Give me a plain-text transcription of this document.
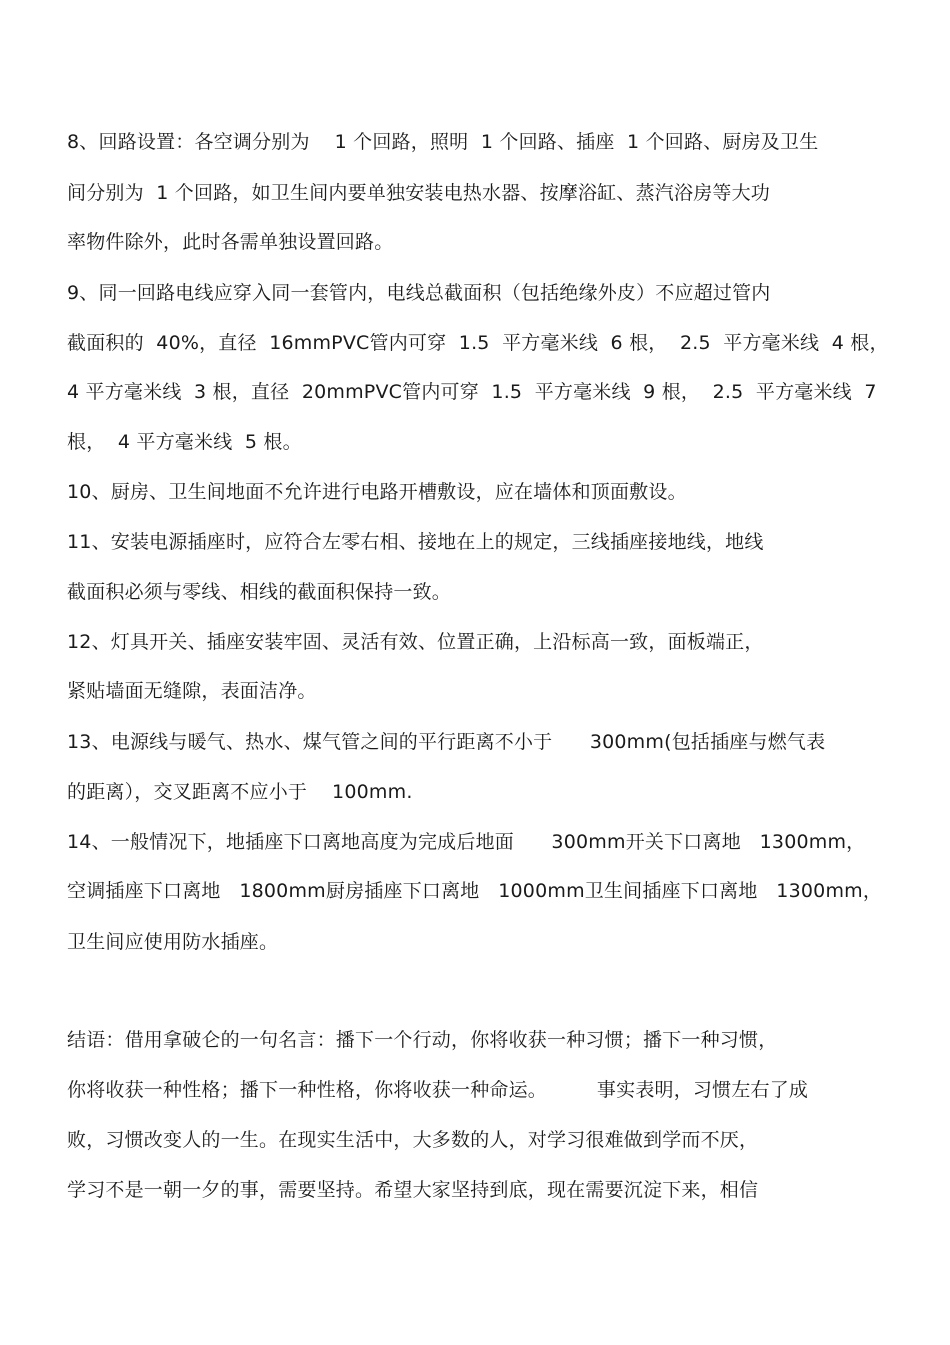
8、回路设置：各空调分别为    1 个回路，照明  1 个回路、插座  1 个回路、厨房及卫生
间分别为  1 个回路，如卫生间内要单独安装电热水器、按摩浴缸、蒸汽浴房等大功
率物件除外，此时各需单独设置回路。
9、同一回路电线应穿入同一套管内，电线总截面积（包括绝缘外皮）不应超过管内
截面积的  40%，直径  16mmPVC管内可穿  1.5  平方毫米线  6 根，  2.5  平方毫米线  4 根，
4 平方毫米线  3 根，直径  20mmPVC管内可穿  1.5  平方毫米线  9 根，  2.5  平方毫米线  7
根，  4 平方毫米线  5 根。
10、厨房、卫生间地面不允许进行电路开槽敷设，应在墙体和顶面敷设。
11、安装电源插座时，应符合左零右相、接地在上的规定，三线插座接地线，地线
截面积必须与零线、相线的截面积保持一致。
12、灯具开关、插座安装牢固、灵活有效、位置正确，上沿标高一致，面板端正，
紧贴墙面无缝隙，表面洁净。
13、电源线与暖气、热水、煤气管之间的平行距离不小于      300mm(包括插座与燃气表
的距离），交叉距离不应小于    100mm.
14、一般情况下，地插座下口离地高度为完成后地面      300mm开关下口离地   1300mm，
空调插座下口离地   1800mm厨房插座下口离地   1000mm卫生间插座下口离地   1300mm，
卫生间应使用防水插座。
结语：借用拿破仑的一句名言：播下一个行动，你将收获一种习惯；播下一种习惯，
你将收获一种性格；播下一种性格，你将收获一种命运。        事实表明，习惯左右了成
败，习惯改变人的一生。在现实生活中，大多数的人，对学习很难做到学而不厌，
学习不是一朝一夕的事，需要坚持。希望大家坚持到底，现在需要沉淀下来，相信
